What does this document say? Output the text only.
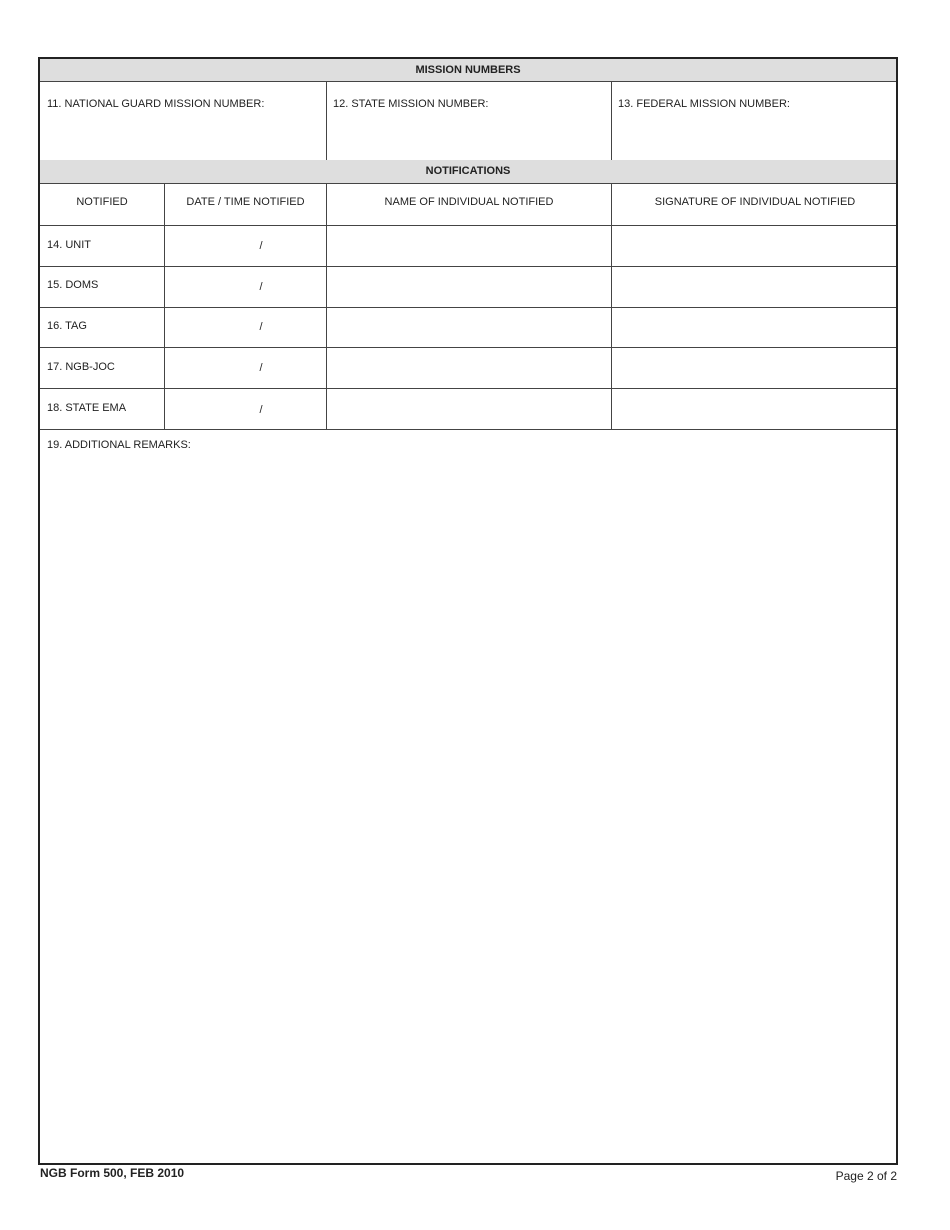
MISSION NUMBERS
11. NATIONAL GUARD MISSION NUMBER:	12. STATE MISSION NUMBER:	13. FEDERAL MISSION NUMBER:
NOTIFICATIONS
NOTIFIED	DATE / TIME NOTIFIED	NAME OF INDIVIDUAL NOTIFIED	SIGNATURE OF INDIVIDUAL NOTIFIED
14. UNIT	/
15. DOMS	/
16. TAG	/
17. NGB-JOC	/
18. STATE EMA	/
19. ADDITIONAL REMARKS:
NGB Form 500, FEB 2010	Page 2 of 2
